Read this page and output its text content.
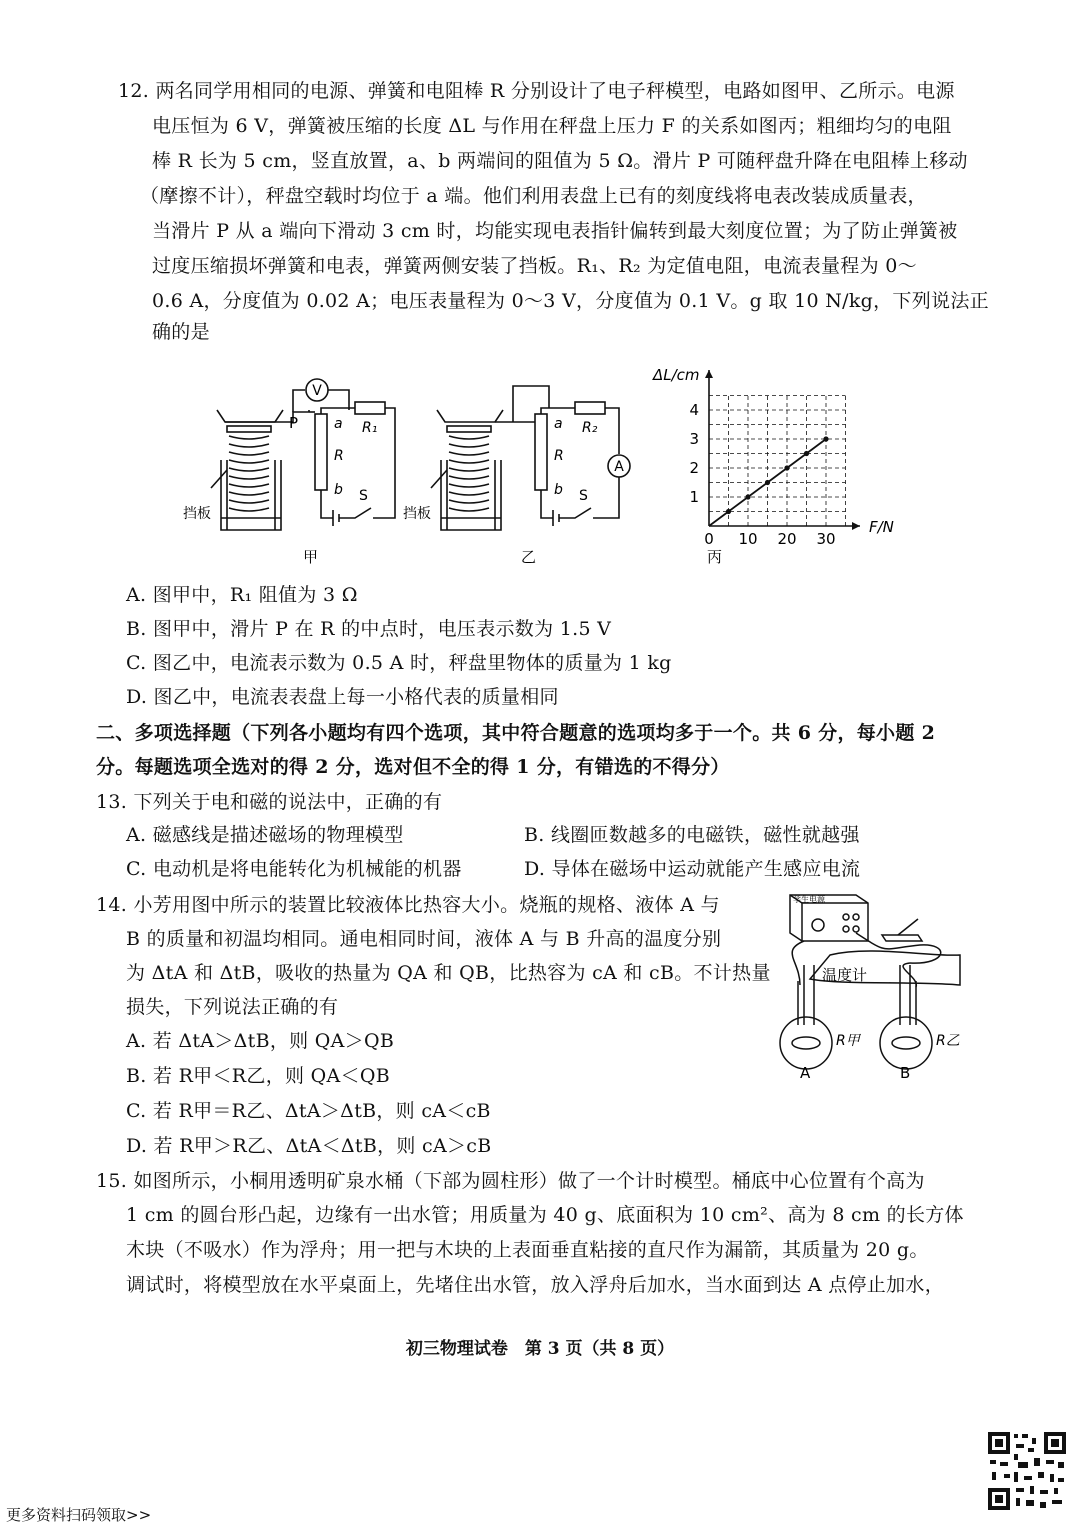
12. 两名同学用相同的电源、弹簧和电阻棒 R 分别设计了电子秤模型，电路如图甲、乙所示。电源
电压恒为 6 V，弹簧被压缩的长度 ΔL 与作用在秤盘上压力 F 的关系如图丙；粗细均匀的电阻
棒 R 长为 5 cm，竖直放置，a、b 两端间的阻值为 5 Ω。滑片 P 可随秤盘升降在电阻棒上移动
（摩擦不计），秤盘空载时均位于 a 端。他们利用表盘上已有的刻度线将电表改装成质量表，
当滑片 P 从 a 端向下滑动 3 cm 时，均能实现电表指针偏转到最大刻度位置；为了防止弹簧被
过度压缩损坏弹簧和电表，弹簧两侧安装了挡板。R₁、R₂ 为定值电阻，电流表量程为 0～
0.6 A，分度值为 0.02 A；电压表量程为 0～3 V，分度值为 0.1 V。g 取 10 N/kg，下列说法正
确的是
V
P	a
R
b
R₁
S
挡板
甲
A
a
R
b
R₂
S
挡板
乙
0 10 20 30
1
2
3
4
ΔL/cm
F/N
丙
A. 图甲中，R₁ 阻值为 3 Ω
B. 图甲中，滑片 P 在 R 的中点时，电压表示数为 1.5 V
C. 图乙中，电流表示数为 0.5 A 时，秤盘里物体的质量为 1 kg
D. 图乙中，电流表表盘上每一小格代表的质量相同
二、多项选择题（下列各小题均有四个选项，其中符合题意的选项均多于一个。共 6 分，每小题 2
分。每题选项全选对的得 2 分，选对但不全的得 1 分，有错选的不得分）
13. 下列关于电和磁的说法中，正确的有
A. 磁感线是描述磁场的物理模型	B. 线圈匝数越多的电磁铁，磁性就越强
C. 电动机是将电能转化为机械能的机器	D. 导体在磁场中运动就能产生感应电流
14. 小芳用图中所示的装置比较液体比热容大小。烧瓶的规格、液体 A 与
B 的质量和初温均相同。通电相同时间，液体 A 与 B 升高的温度分别
为 ΔtA 和 ΔtB，吸收的热量为 QA 和 QB，比热容为 cA 和 cB。不计热量
损失，下列说法正确的有
A. 若 ΔtA＞ΔtB，则 QA＞QB
B. 若 R甲＜R乙，则 QA＜QB
C. 若 R甲＝R乙、ΔtA＞ΔtB，则 cA＜cB
D. 若 R甲＞R乙、ΔtA＜ΔtB，则 cA＞cB
学生电源
温度计
R甲	R乙
A	B
15. 如图所示，小桐用透明矿泉水桶（下部为圆柱形）做了一个计时模型。桶底中心位置有个高为
1 cm 的圆台形凸起，边缘有一出水管；用质量为 40 g、底面积为 10 cm²、高为 8 cm 的长方体
木块（不吸水）作为浮舟；用一把与木块的上表面垂直粘接的直尺作为漏箭，其质量为 20 g。
调试时，将模型放在水平桌面上，先堵住出水管，放入浮舟后加水，当水面到达 A 点停止加水，
初三物理试卷　第 3 页（共 8 页）
更多资料扫码领取>>
